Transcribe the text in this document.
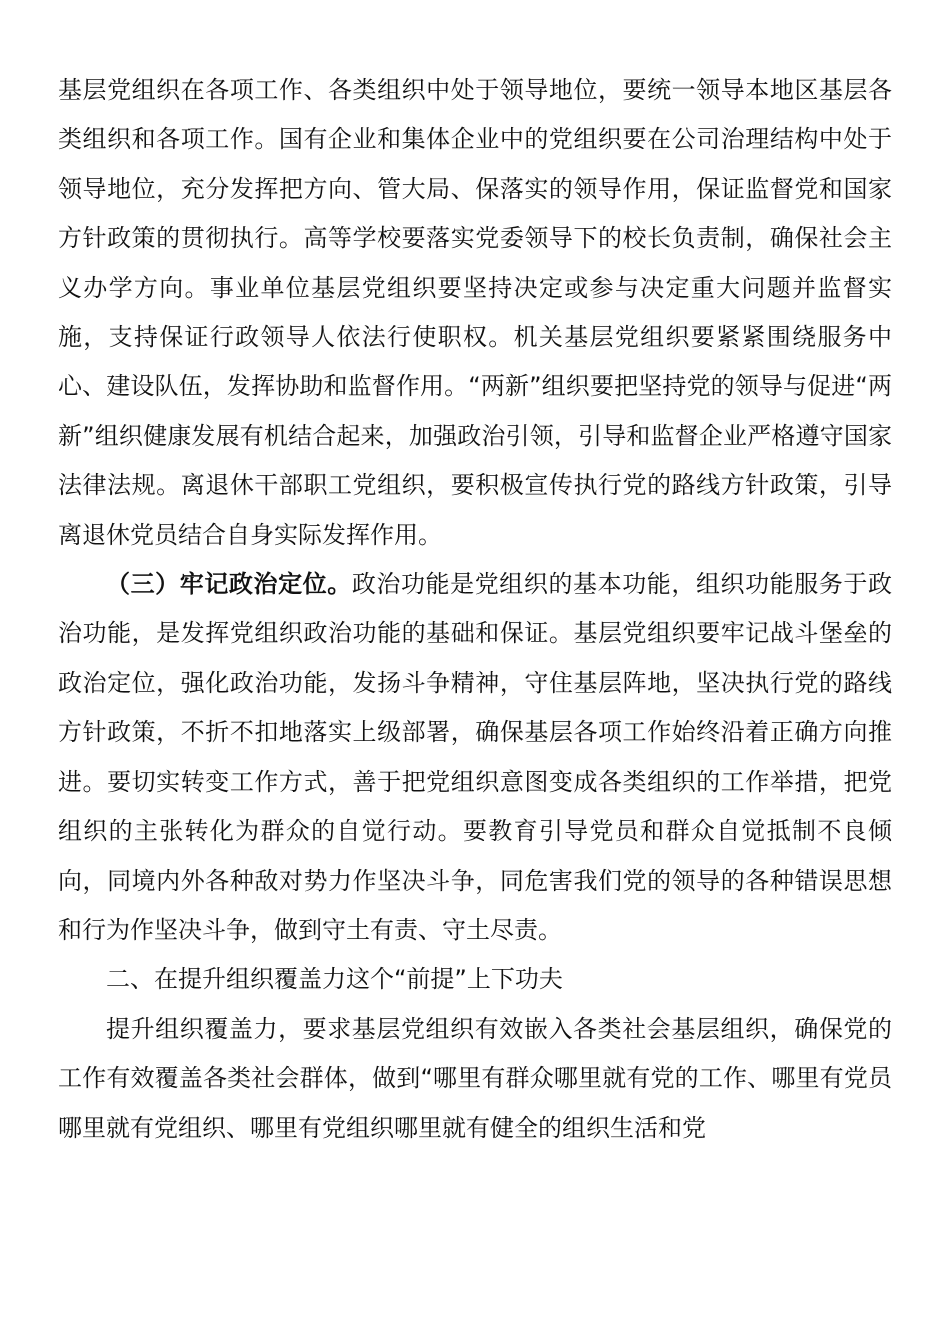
基层党组织在各项工作、各类组织中处于领导地位，要统一领导本地区基层各类组织和各项工作。国有企业和集体企业中的党组织要在公司治理结构中处于领导地位，充分发挥把方向、管大局、保落实的领导作用，保证监督党和国家方针政策的贯彻执行。高等学校要落实党委领导下的校长负责制，确保社会主义办学方向。事业单位基层党组织要坚持决定或参与决定重大问题并监督实施，支持保证行政领导人依法行使职权。机关基层党组织要紧紧围绕服务中心、建设队伍，发挥协助和监督作用。“两新”组织要把坚持党的领导与促进“两新”组织健康发展有机结合起来，加强政治引领，引导和监督企业严格遵守国家法律法规。离退休干部职工党组织，要积极宣传执行党的路线方针政策，引导离退休党员结合自身实际发挥作用。

（三）牢记政治定位。政治功能是党组织的基本功能，组织功能服务于政治功能，是发挥党组织政治功能的基础和保证。基层党组织要牢记战斗堡垒的政治定位，强化政治功能，发扬斗争精神，守住基层阵地，坚决执行党的路线方针政策，不折不扣地落实上级部署，确保基层各项工作始终沿着正确方向推进。要切实转变工作方式，善于把党组织意图变成各类组织的工作举措，把党组织的主张转化为群众的自觉行动。要教育引导党员和群众自觉抵制不良倾向，同境内外各种敌对势力作坚决斗争，同危害我们党的领导的各种错误思想和行为作坚决斗争，做到守土有责、守土尽责。

二、在提升组织覆盖力这个“前提”上下功夫

提升组织覆盖力，要求基层党组织有效嵌入各类社会基层组织，确保党的工作有效覆盖各类社会群体，做到“哪里有群众哪里就有党的工作、哪里有党员哪里就有党组织、哪里有党组织哪里就有健全的组织生活和党
